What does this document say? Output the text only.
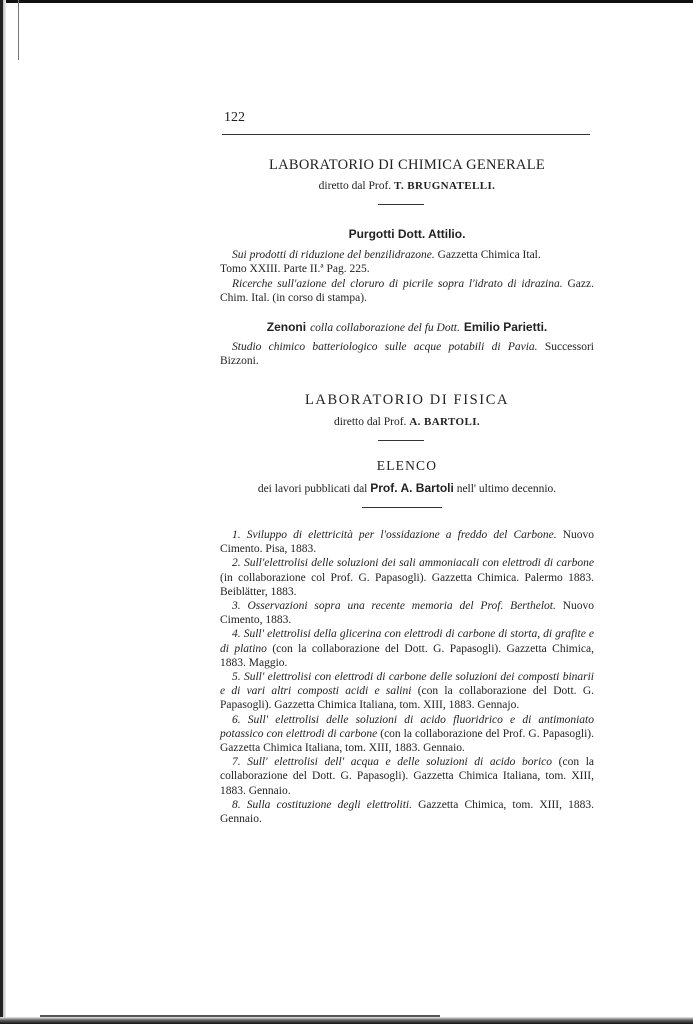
122
LABORATORIO DI CHIMICA GENERALE
diretto dal Prof. T. BRUGNATELLI.
Purgotti Dott. Attilio.

Sui prodotti di riduzione del benzilidrazone. Gazzetta Chimica Ital.

Tomo XXIII. Parte II.ª Pag. 225.

Ricerche sull'azione del cloruro di picrile sopra l'idrato di idrazina. Gazz. Chim. Ital. (in corso di stampa).

Zenoni colla collaborazione del fu Dott. Emilio Parietti.

Studio chimico batteriologico sulle acque potabili di Pavia. Successori Bizzoni.

LABORATORIO DI FISICA
diretto dal Prof. A. BARTOLI.
ELENCO
dei lavori pubblicati dal Prof. A. Bartoli nell' ultimo decennio.

1. Sviluppo di elettricità per l'ossidazione a freddo del Carbone. Nuovo Cimento. Pisa, 1883.

2. Sull'elettrolisi delle soluzioni dei sali ammoniacali con elettrodi di carbone (in collaborazione col Prof. G. Papasogli). Gazzetta Chimica. Palermo 1883. Beiblätter, 1883.

3. Osservazioni sopra una recente memoria del Prof. Berthelot. Nuovo Cimento, 1883.

4. Sull' elettrolisi della glicerina con elettrodi di carbone di storta, di grafite e di platino (con la collaborazione del Dott. G. Papasogli). Gazzetta Chimica, 1883. Maggio.

5. Sull' elettrolisi con elettrodi di carbone delle soluzioni dei composti binarii e di vari altri composti acidi e salini (con la collaborazione del Dott. G. Papasogli). Gazzetta Chimica Italiana, tom. XIII, 1883. Gennajo.

6. Sull' elettrolisi delle soluzioni di acido fluoridrico e di antimoniato potassico con elettrodi di carbone (con la collaborazione del Prof. G. Papasogli). Gazzetta Chimica Italiana, tom. XIII, 1883. Gennaio.

7. Sull' elettrolisi dell' acqua e delle soluzioni di acido borico (con la collaborazione del Dott. G. Papasogli). Gazzetta Chimica Italiana, tom. XIII, 1883. Gennaio.

8. Sulla costituzione degli elettroliti. Gazzetta Chimica, tom. XIII, 1883. Gennaio.
